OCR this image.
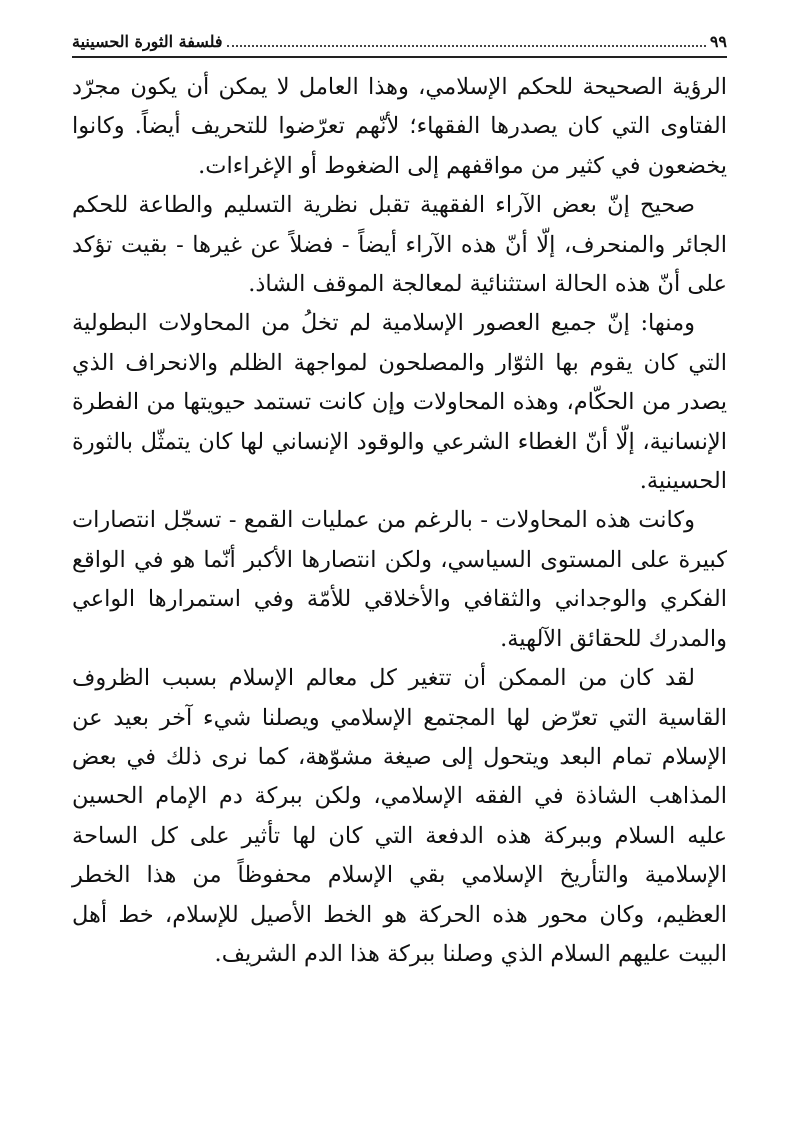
٩٩
فلسفة الثورة الحسينية

الرؤية الصحيحة للحكم الإسلامي، وهذا العامل لا يمكن أن يكون مجرّد الفتاوى التي كان يصدرها الفقهاء؛ لأنّهم تعرّضوا للتحريف أيضاً. وكانوا يخضعون في كثير من مواقفهم إلى الضغوط أو الإغراءات.

صحيح إنّ بعض الآراء الفقهية تقبل نظرية التسليم والطاعة للحكم الجائر والمنحرف، إلّا أنّ هذه الآراء أيضاً - فضلاً عن غيرها - بقيت تؤكد على أنّ هذه الحالة استثنائية لمعالجة الموقف الشاذ.

ومنها: إنّ جميع العصور الإسلامية لم تخلُ من المحاولات البطولية التي كان يقوم بها الثوّار والمصلحون لمواجهة الظلم والانحراف الذي يصدر من الحكّام، وهذه المحاولات وإن كانت تستمد حيويتها من الفطرة الإنسانية، إلّا أنّ الغطاء الشرعي والوقود الإنساني لها كان يتمثّل بالثورة الحسينية.

وكانت هذه المحاولات - بالرغم من عمليات القمع - تسجّل انتصارات كبيرة على المستوى السياسي، ولكن انتصارها الأكبر أنّما هو في الواقع الفكري والوجداني والثقافي والأخلاقي للأمّة وفي استمرارها الواعي والمدرك للحقائق الآلهية.

لقد كان من الممكن أن تتغير كل معالم الإسلام بسبب الظروف القاسية التي تعرّض لها المجتمع الإسلامي ويصلنا شيء آخر بعيد عن الإسلام تمام البعد ويتحول إلى صيغة مشوّهة، كما نرى ذلك في بعض المذاهب الشاذة في الفقه الإسلامي، ولكن ببركة دم الإمام الحسين عليه السلام وببركة هذه الدفعة التي كان لها تأثير على كل الساحة الإسلامية والتأريخ الإسلامي بقي الإسلام محفوظاً من هذا الخطر العظيم، وكان محور هذه الحركة هو الخط الأصيل للإسلام، خط أهل البيت عليهم السلام الذي وصلنا ببركة هذا الدم الشريف.
